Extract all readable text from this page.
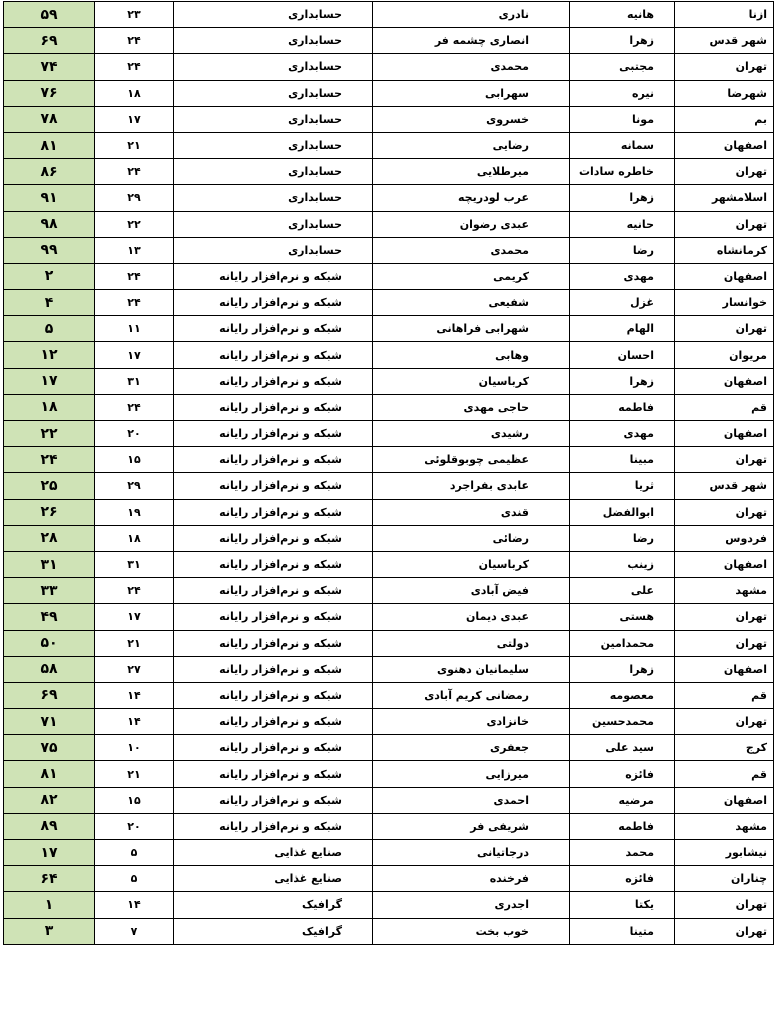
ازنا	هانیه	نادری	حسابداری	۲۳	۵۹
شهر قدس	زهرا	انصاری چشمه فر	حسابداری	۲۴	۶۹
تهران	مجتبی	محمدی	حسابداری	۲۴	۷۴
شهرضا	نیره	سهرابی	حسابداری	۱۸	۷۶
بم	مونا	خسروی	حسابداری	۱۷	۷۸
اصفهان	سمانه	رضایی	حسابداری	۲۱	۸۱
تهران	خاطره سادات	میرطلایی	حسابداری	۲۴	۸۶
اسلامشهر	زهرا	عرب لودریچه	حسابداری	۲۹	۹۱
تهران	حانیه	عبدی رضوان	حسابداری	۲۲	۹۸
کرمانشاه	رضا	محمدی	حسابداری	۱۳	۹۹
اصفهان	مهدی	کریمی	شبکه و نرم‌افزار رایانه	۲۴	۲
خوانسار	غزل	شفیعی	شبکه و نرم‌افزار رایانه	۲۴	۴
تهران	الهام	شهرابی فراهانی	شبکه و نرم‌افزار رایانه	۱۱	۵
مریوان	احسان	وهابی	شبکه و نرم‌افزار رایانه	۱۷	۱۲
اصفهان	زهرا	کرباسیان	شبکه و نرم‌افزار رایانه	۳۱	۱۷
قم	فاطمه	حاجی مهدی	شبکه و نرم‌افزار رایانه	۲۴	۱۸
اصفهان	مهدی	رشیدی	شبکه و نرم‌افزار رایانه	۲۰	۲۲
تهران	مبینا	عظیمی چوبوقلوئی	شبکه و نرم‌افزار رایانه	۱۵	۲۴
شهر قدس	ثریا	عابدی بفراجرد	شبکه و نرم‌افزار رایانه	۲۹	۲۵
تهران	ابوالفضل	قندی	شبکه و نرم‌افزار رایانه	۱۹	۲۶
فردوس	رضا	رضائی	شبکه و نرم‌افزار رایانه	۱۸	۲۸
اصفهان	زینب	کرباسیان	شبکه و نرم‌افزار رایانه	۳۱	۳۱
مشهد	علی	فیض آبادی	شبکه و نرم‌افزار رایانه	۲۴	۳۳
تهران	هستی	عبدی دیمان	شبکه و نرم‌افزار رایانه	۱۷	۴۹
تهران	محمدامین	دولتی	شبکه و نرم‌افزار رایانه	۲۱	۵۰
اصفهان	زهرا	سلیمانیان دهنوی	شبکه و نرم‌افزار رایانه	۲۷	۵۸
قم	معصومه	رمضانی کریم آبادی	شبکه و نرم‌افزار رایانه	۱۴	۶۹
تهران	محمدحسین	خانزادی	شبکه و نرم‌افزار رایانه	۱۴	۷۱
کرج	سید علی	جعفری	شبکه و نرم‌افزار رایانه	۱۰	۷۵
قم	فائزه	میرزایی	شبکه و نرم‌افزار رایانه	۲۱	۸۱
اصفهان	مرضیه	احمدی	شبکه و نرم‌افزار رایانه	۱۵	۸۲
مشهد	فاطمه	شریفی فر	شبکه و نرم‌افزار رایانه	۲۰	۸۹
نیشابور	محمد	درجاتیانی	صنایع غذایی	۵	۱۷
چناران	فائزه	فرخنده	صنایع غذایی	۵	۶۴
تهران	یکتا	اجدری	گرافیک	۱۴	۱
تهران	متینا	خوب بخت	گرافیک	۷	۳
